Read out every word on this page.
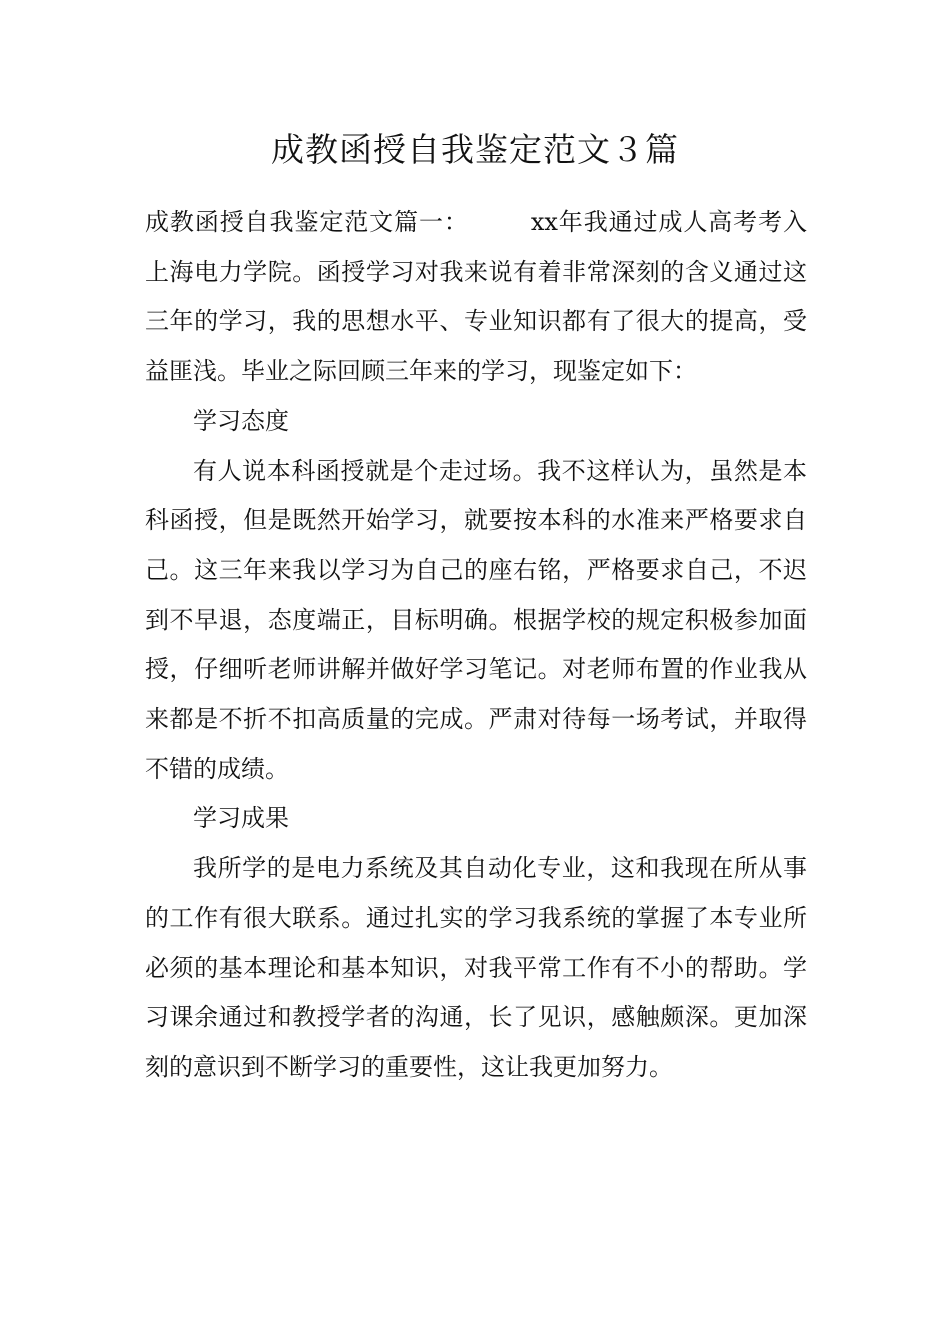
成教函授自我鉴定范文３篇

成教函授自我鉴定范文篇一：	xx年我通过成人高考考入上海电力学院。函授学习对我来说有着非常深刻的含义通过这三年的学习，我的思想水平、专业知识都有了很大的提高，受益匪浅。毕业之际回顾三年来的学习，现鉴定如下：

学习态度

有人说本科函授就是个走过场。我不这样认为，虽然是本科函授，但是既然开始学习，就要按本科的水准来严格要求自己。这三年来我以学习为自己的座右铭，严格要求自己，不迟到不早退，态度端正，目标明确。根据学校的规定积极参加面授，仔细听老师讲解并做好学习笔记。对老师布置的作业我从来都是不折不扣高质量的完成。严肃对待每一场考试，并取得不错的成绩。

学习成果

我所学的是电力系统及其自动化专业，这和我现在所从事的工作有很大联系。通过扎实的学习我系统的掌握了本专业所必须的基本理论和基本知识，对我平常工作有不小的帮助。学习课余通过和教授学者的沟通，长了见识，感触颇深。更加深刻的意识到不断学习的重要性，这让我更加努力。
